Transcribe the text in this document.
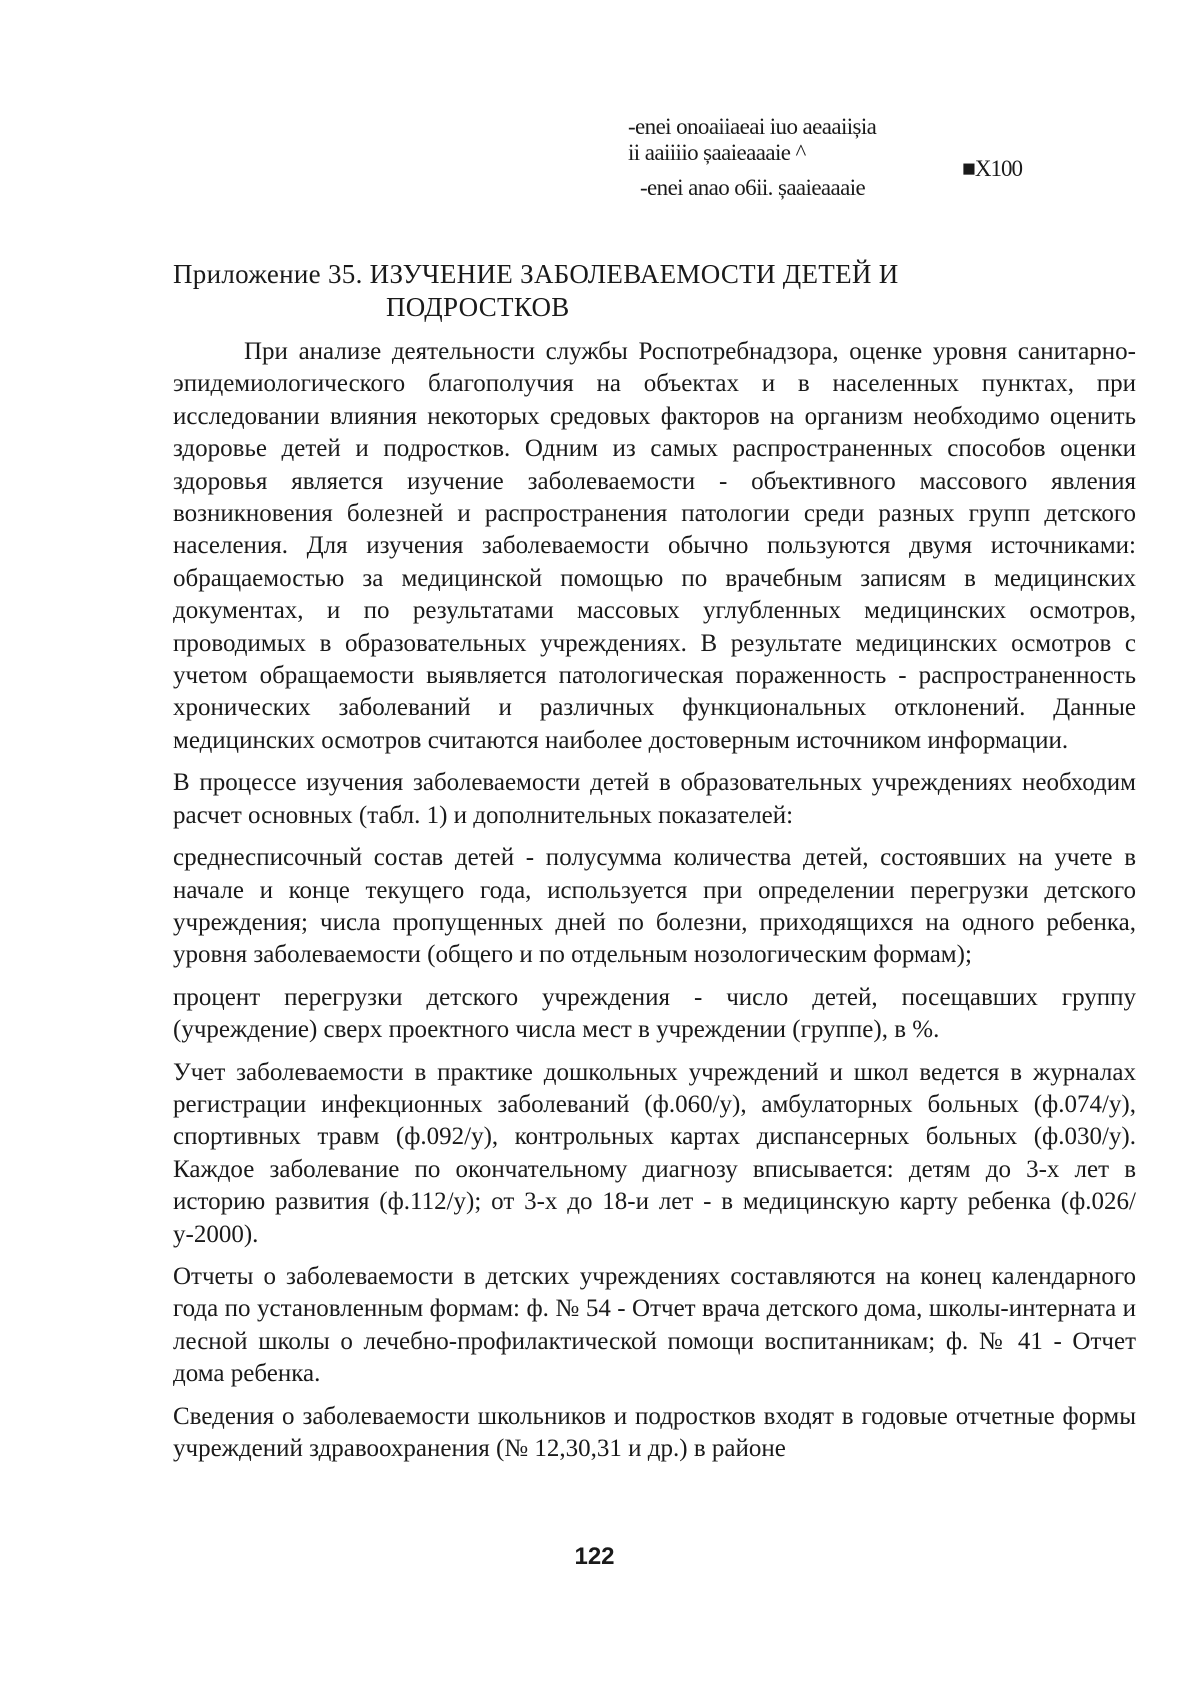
-enei onoaiiaeai iuo aeaaiișia
ii aaiiiio șaaieaaaie ^
-enei anao o6ii. șaaieaaaie
■X100
Приложение 35. ИЗУЧЕНИЕ ЗАБОЛЕВАЕМОСТИ ДЕТЕЙ И
ПОДРОСТКОВ

При анализе деятельности службы Роспотребнадзора, оценке уровня санитарно-эпидемиологического благополучия на объектах и в населенных пунктах, при исследовании влияния некоторых средовых факторов на организм необходимо оценить здоровье детей и подростков. Одним из самых распространенных способов оценки здоровья является изучение заболеваемости - объективного массового явления возникновения болезней и распространения патологии среди разных групп детского населения. Для изучения заболеваемости обычно пользуются двумя источниками: обращаемостью за медицинской помощью по врачебным записям в медицинских документах, и по результатами массовых углубленных медицинских осмотров, проводимых в образовательных учреждениях. В результате медицинских осмотров с учетом обращаемости выявляется патологическая пораженность - распространенность хронических заболеваний и различных функциональных отклонений. Данные медицинских осмотров считаются наиболее достоверным источником информации.

В процессе изучения заболеваемости детей в образовательных учреждениях необходим расчет основных (табл. 1) и дополнительных показателей:

среднесписочный состав детей - полусумма количества детей, состоявших на учете в начале и конце текущего года, используется при определении перегрузки детского учреждения; числа пропущенных дней по болезни, приходящихся на одного ребенка, уровня заболеваемости (общего и по отдельным нозологическим формам);

процент перегрузки детского учреждения - число детей, посещавших группу (учреждение) сверх проектного числа мест в учреждении (группе), в %.

Учет заболеваемости в практике дошкольных учреждений и школ ведется в журналах регистрации инфекционных заболеваний (ф.060/у), амбулаторных больных (ф.074/у), спортивных травм (ф.092/у), контрольных картах диспансерных больных (ф.030/у). Каждое заболевание по окончательному диагнозу вписывается: детям до 3-х лет в историю развития (ф.112/у); от 3-х до 18-и лет - в медицинскую карту ребенка (ф.026/у-2000).

Отчеты о заболеваемости в детских учреждениях составляются на конец календарного года по установленным формам: ф. № 54 - Отчет врача детского дома, школы-интерната и лесной школы о лечебно-профилактической помощи воспитанникам; ф. № 41 - Отчет дома ребенка.

Сведения о заболеваемости школьников и подростков входят в годовые отчетные формы учреждений здравоохранения (№ 12,30,31 и др.) в районе

122
